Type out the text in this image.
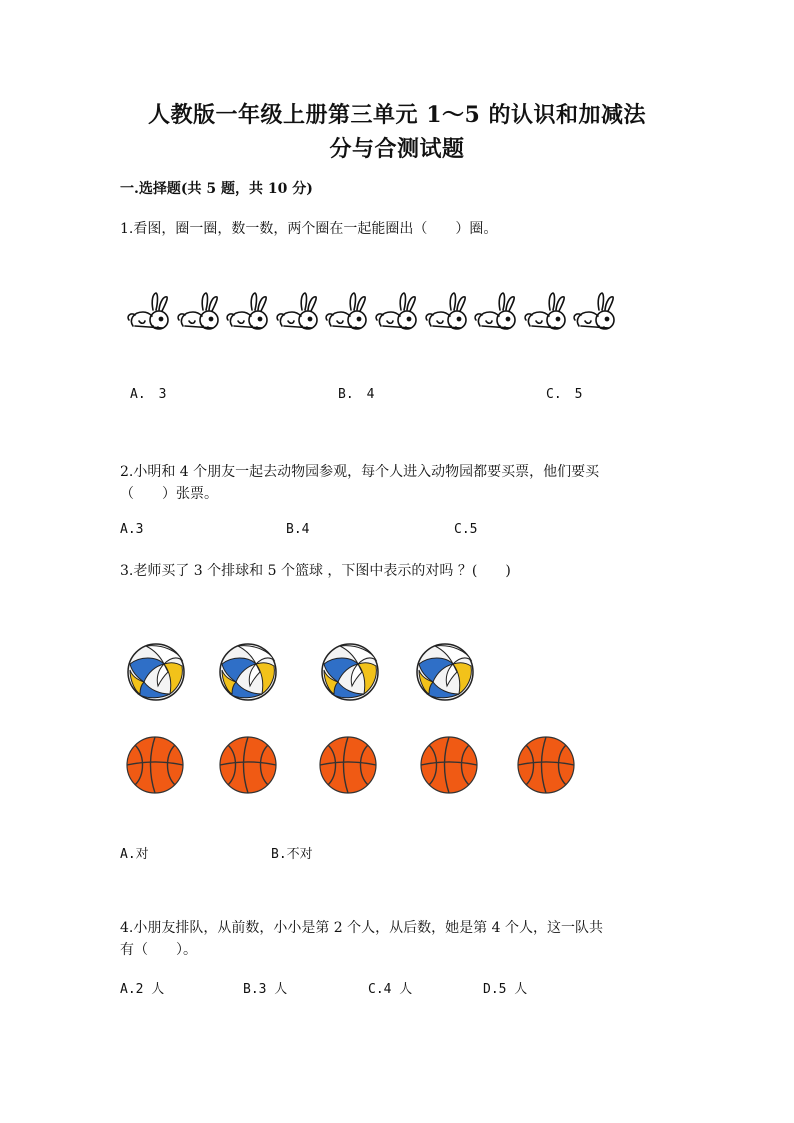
人教版一年级上册第三单元 1～5 的认识和加减法
分与合测试题
一.选择题(共 5 题，共 10 分)
1.看图，圈一圈，数一数，两个圈在一起能圈出（　　）圈。
A.　3	B.　4	C.　5
2.小明和 4 个朋友一起去动物园参观，每个人进入动物园都要买票，他们要买
（　　）张票。
A.3	B.4	C.5
3.老师买了 3 个排球和 5 个篮球 ，下图中表示的对吗 ？(　　)
A.对	B.不对
4.小朋友排队，从前数，小小是第 2 个人，从后数，她是第 4 个人，这一队共
有（　　）。
A.2 人	B.3 人	C.4 人	D.5 人
